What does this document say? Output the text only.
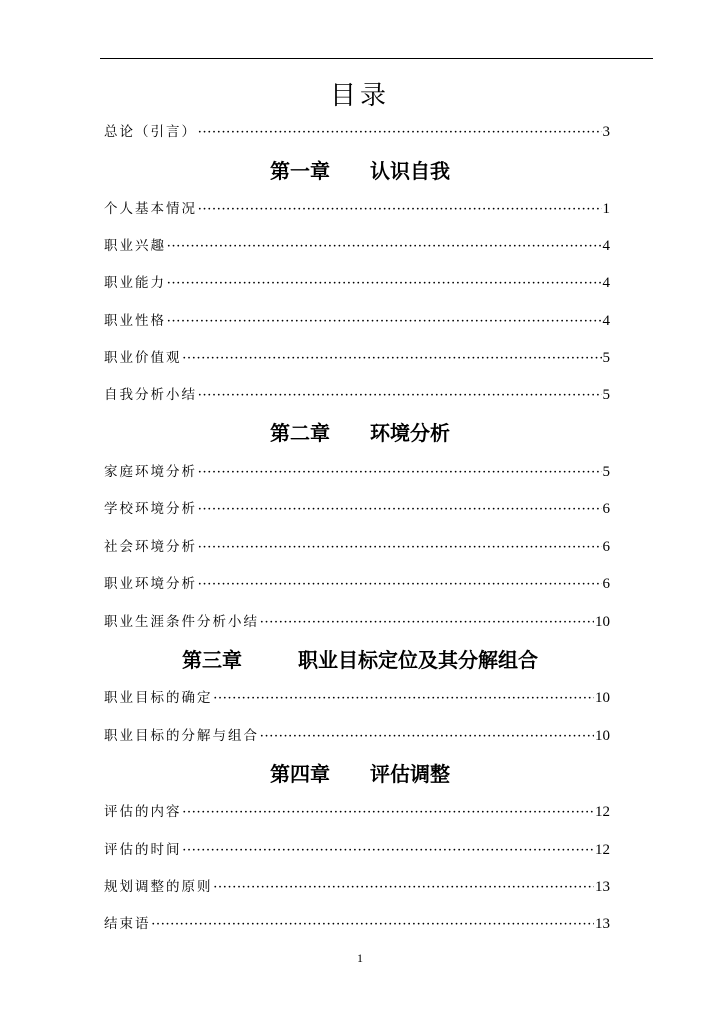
目录
总论（引言） •••••	3
第一章 认识自我
个人基本情况 •••••	1
职业兴趣 •••••	4
职业能力 •••••	4
职业性格 •••••	4
职业价值观 •••••	5
自我分析小结 •••••	5
第二章 环境分析
家庭环境分析 •••••	5
学校环境分析 •••••	6
社会环境分析 •••••	6
职业环境分析 •••••	6
职业生涯条件分析小结 •••••	10
第三章	职业目标定位及其分解组合
职业目标的确定 •••••	10
职业目标的分解与组合 •••••	10
第四章 评估调整
评估的内容 •••••	12
评估的时间 •••••	12
规划调整的原则 •••••	13
结束语 •••••	13
1
